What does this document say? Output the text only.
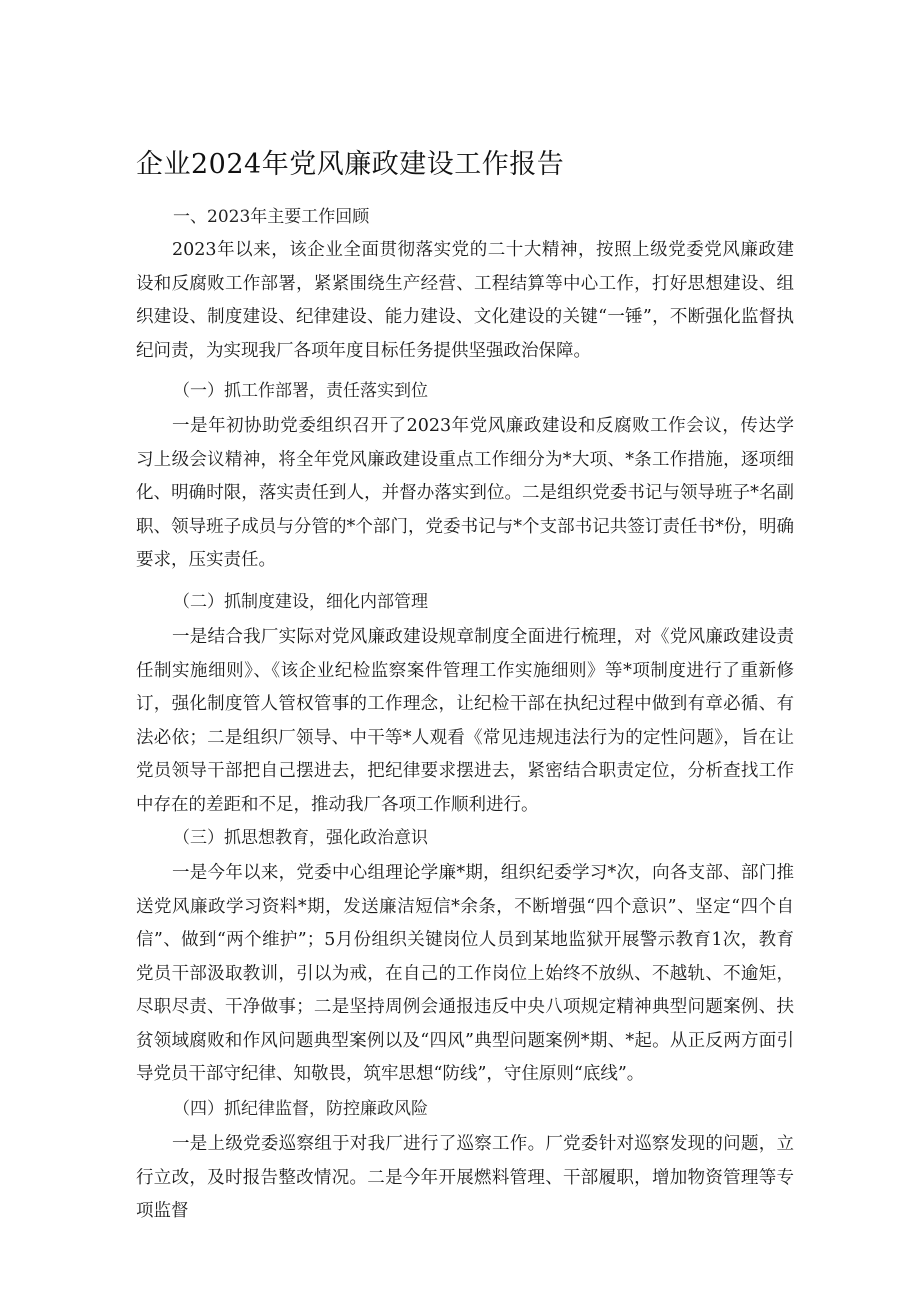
企业2024年党风廉政建设工作报告
一、2023年主要工作回顾

2023年以来，该企业全面贯彻落实党的二十大精神，按照上级党委党风廉政建设和反腐败工作部署，紧紧围绕生产经营、工程结算等中心工作，打好思想建设、组织建设、制度建设、纪律建设、能力建设、文化建设的关键“一锤”，不断强化监督执纪问责，为实现我厂各项年度目标任务提供坚强政治保障。

（一）抓工作部署，责任落实到位

一是年初协助党委组织召开了2023年党风廉政建设和反腐败工作会议，传达学习上级会议精神，将全年党风廉政建设重点工作细分为*大项、*条工作措施，逐项细化、明确时限，落实责任到人，并督办落实到位。二是组织党委书记与领导班子*名副职、领导班子成员与分管的*个部门，党委书记与*个支部书记共签订责任书*份，明确要求，压实责任。

（二）抓制度建设，细化内部管理

一是结合我厂实际对党风廉政建设规章制度全面进行梳理，对《党风廉政建设责任制实施细则》、《该企业纪检监察案件管理工作实施细则》等*项制度进行了重新修订，强化制度管人管权管事的工作理念，让纪检干部在执纪过程中做到有章必循、有法必依；二是组织厂领导、中干等*人观看《常见违规违法行为的定性问题》，旨在让党员领导干部把自己摆进去，把纪律要求摆进去，紧密结合职责定位，分析查找工作中存在的差距和不足，推动我厂各项工作顺利进行。

（三）抓思想教育，强化政治意识

一是今年以来，党委中心组理论学廉*期，组织纪委学习*次，向各支部、部门推送党风廉政学习资料*期，发送廉洁短信*余条，不断增强“四个意识”、坚定“四个自信”、做到“两个维护”；5月份组织关键岗位人员到某地监狱开展警示教育1次，教育党员干部汲取教训，引以为戒，在自己的工作岗位上始终不放纵、不越轨、不逾矩，尽职尽责、干净做事；二是坚持周例会通报违反中央八项规定精神典型问题案例、扶贫领域腐败和作风问题典型案例以及“四风”典型问题案例*期、*起。从正反两方面引导党员干部守纪律、知敬畏，筑牢思想“防线”，守住原则“底线”。

（四）抓纪律监督，防控廉政风险

一是上级党委巡察组于对我厂进行了巡察工作。厂党委针对巡察发现的问题，立行立改，及时报告整改情况。二是今年开展燃料管理、干部履职，增加物资管理等专项监督
